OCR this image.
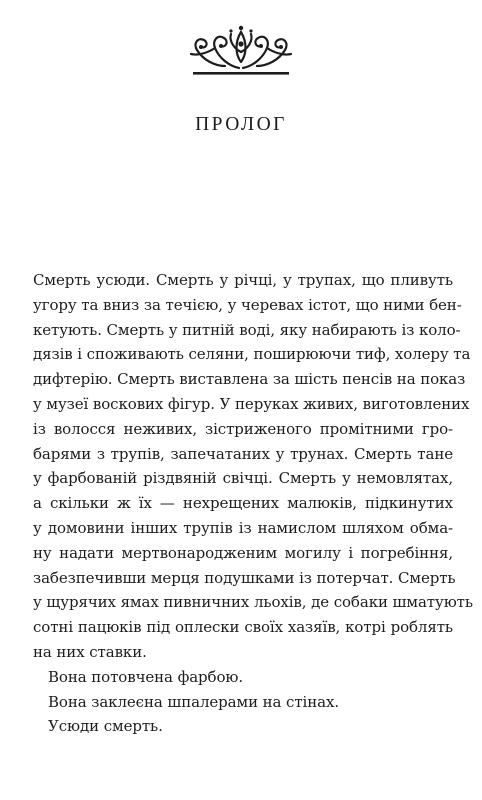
ПРОЛОГ
Смерть усюди. Смерть у річці, у трупах, що пливуть
угору та вниз за течією, у черевах істот, що ними бен-
кетують. Смерть у питній воді, яку набирають із коло-
дязів і споживають селяни, поширюючи тиф, холеру та
дифтерію. Смерть виставлена за шість пенсів на показ
у музеї воскових фігур. У перуках живих, виготовлених
із волосся неживих, зістриженого промітними гро-
барями з трупів, запечатаних у трунах. Смерть тане
у фарбованій різдвяній свічці. Смерть у немовлятах,
а скільки ж їх — нехрещених малюків, підкинутих
у домовини інших трупів із намислом шляхом обма-
ну надати мертвонародженим могилу і погребіння,
забезпечивши мерця подушками із потерчат. Смерть
у щурячих ямах пивничних льохів, де собаки шматують
сотні пацюків під оплески своїх хазяїв, котрі роблять
на них ставки.
Вона потовчена фарбою.
Вона заклеєна шпалерами на стінах.
Усюди смерть.
